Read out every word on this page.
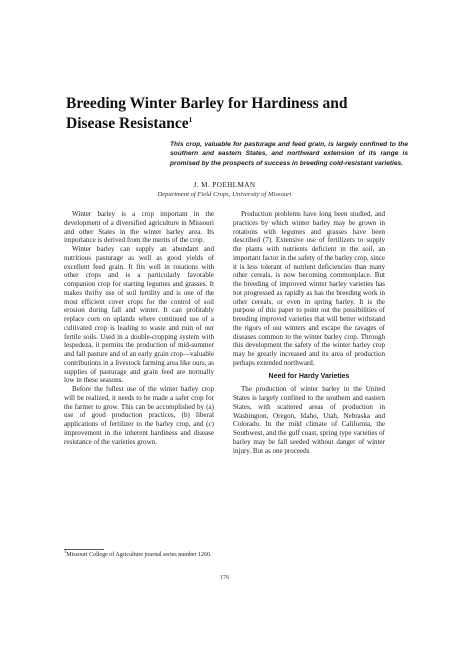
Breeding Winter Barley for Hardiness and Disease Resistance$^1$
This crop, valuable for pasturage and feed grain, is largely confined to the southern and eastern States, and northward extension of its range is promised by the prospects of success in breeding cold-resistant varieties.
J. M. POEHLMAN
Department of Field Crops, University of Missouri

Winter barley is a crop important in the development of a diversified agriculture in Missouri and other States in the winter barley area. Its importance is derived from the merits of the crop.

Winter barley can supply an abundant and nutritious pasturage as well as good yields of excellent feed grain. It fits well in rotations with other crops and is a particularly favorable companion crop for starting legumes and grasses. It makes thrifty use of soil fertility and is one of the most efficient cover crops for the control of soil erosion during fall and winter. It can profitably replace corn on uplands where continued use of a cultivated crop is leading to waste and ruin of our fertile soils. Used in a double-cropping system with lespedeza, it permits the production of mid-summer and fall pasture and of an early grain crop—valuable contributions in a livestock farming area like ours, as supplies of pasturage and grain feed are normally low in these seasons.

Before the fullest use of the winter barley crop will be realized, it needs to be made a safer crop for the farmer to grow. This can be accomplished by (a) use of good production practices, (b) liberal applications of fertilizer to the barley crop, and (c) improvement in the inherent hardiness and disease resistance of the varieties grown.

Production problems have long been studied, and practices by which winter barley may be grown in rotations with legumes and grasses have been described (7). Extensive use of fertilizers to supply the plants with nutrients deficient in the soil, an important factor in the safety of the barley crop, since it is less tolerant of nutrient deficiencies than many other cereals, is now becoming commonplace. But the breeding of improved winter barley varieties has not progressed as rapidly as has the breeding work in other cereals, or even in spring barley. It is the purpose of this paper to point out the possibilities of breeding improved varieties that will better withstand the rigors of our winters and escape the ravages of diseases common to the winter barley crop. Through this development the safety of the winter barley crop may be greatly increased and its area of production perhaps extended northward.

Need for Hardy Varieties

The production of winter barley in the United States is largely confined to the southern and eastern States, with scattered areas of production in Washington, Oregon, Idaho, Utah, Nebraska and Colorado. In the mild climate of California, the Southwest, and the gulf coast, spring type varieties of barley may be fall seeded without danger of winter injury. But as one proceeds

$^1$Missouri College of Agriculture journal series number 1260.
176
